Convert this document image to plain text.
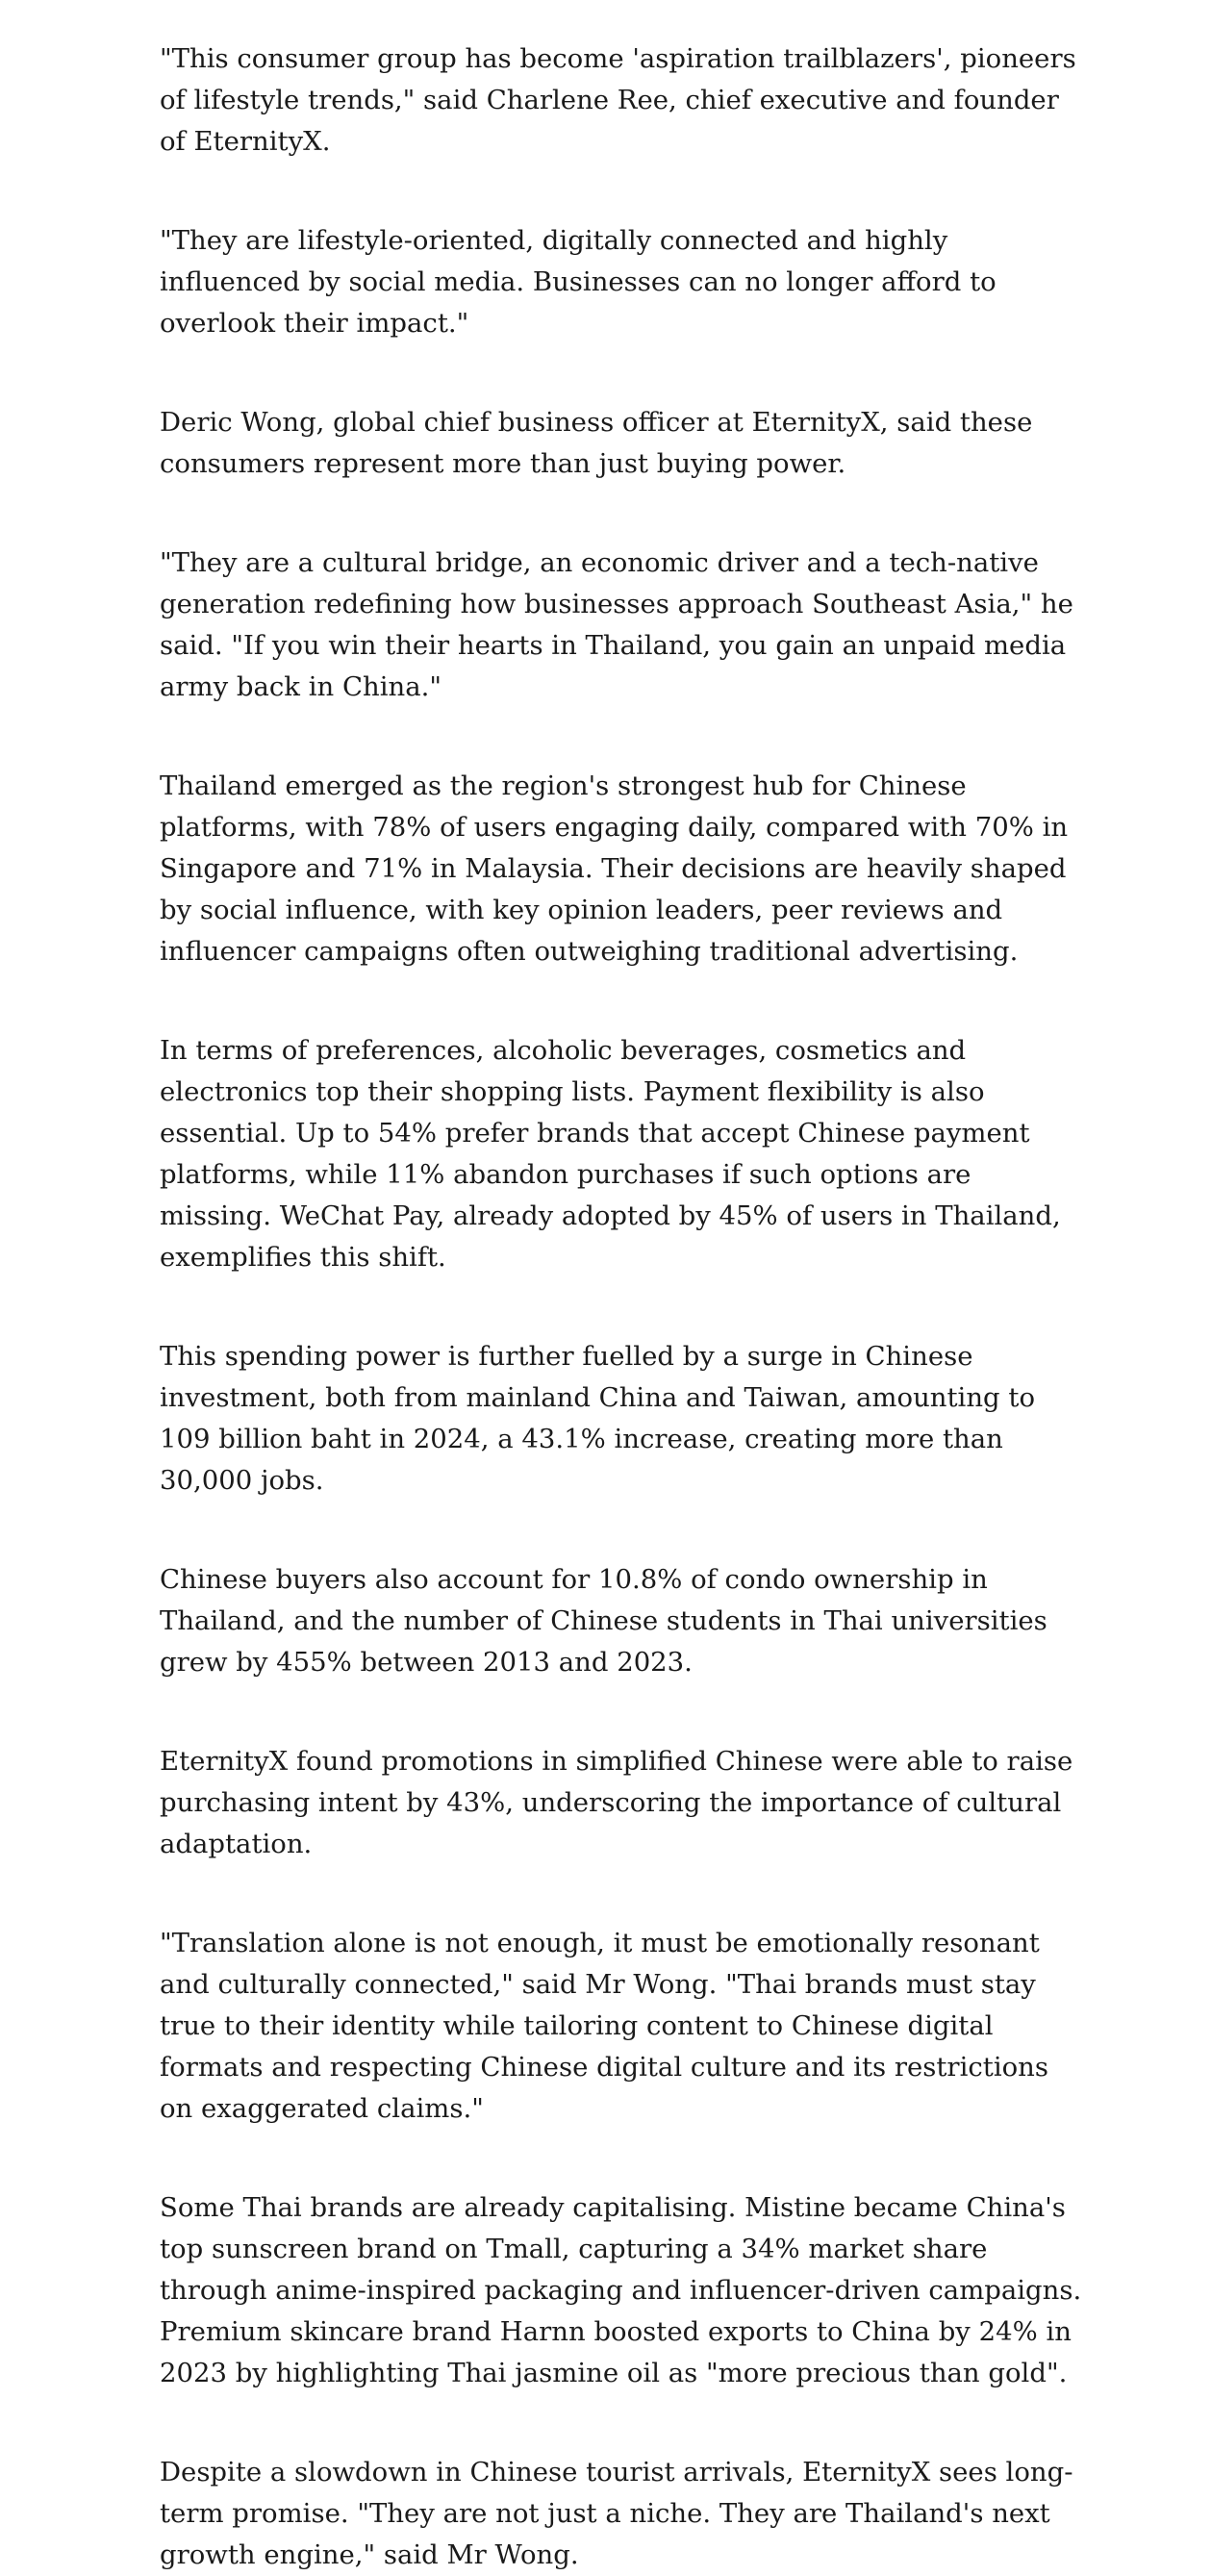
"This consumer group has become 'aspiration trailblazers', pioneers of lifestyle trends," said Charlene Ree, chief executive and founder of EternityX.

"They are lifestyle-oriented, digitally connected and highly influenced by social media. Businesses can no longer afford to overlook their impact."

Deric Wong, global chief business officer at EternityX, said these consumers represent more than just buying power.

"They are a cultural bridge, an economic driver and a tech-native generation redefining how businesses approach Southeast Asia," he said. "If you win their hearts in Thailand, you gain an unpaid media army back in China."

Thailand emerged as the region's strongest hub for Chinese platforms, with 78% of users engaging daily, compared with 70% in Singapore and 71% in Malaysia. Their decisions are heavily shaped by social influence, with key opinion leaders, peer reviews and influencer campaigns often outweighing traditional advertising.

In terms of preferences, alcoholic beverages, cosmetics and electronics top their shopping lists. Payment flexibility is also essential. Up to 54% prefer brands that accept Chinese payment platforms, while 11% abandon purchases if such options are missing. WeChat Pay, already adopted by 45% of users in Thailand, exemplifies this shift.

This spending power is further fuelled by a surge in Chinese investment, both from mainland China and Taiwan, amounting to 109 billion baht in 2024, a 43.1% increase, creating more than 30,000 jobs.

Chinese buyers also account for 10.8% of condo ownership in Thailand, and the number of Chinese students in Thai universities grew by 455% between 2013 and 2023.

EternityX found promotions in simplified Chinese were able to raise purchasing intent by 43%, underscoring the importance of cultural adaptation.

"Translation alone is not enough, it must be emotionally resonant and culturally connected," said Mr Wong. "Thai brands must stay true to their identity while tailoring content to Chinese digital formats and respecting Chinese digital culture and its restrictions on exaggerated claims."

Some Thai brands are already capitalising. Mistine became China's top sunscreen brand on Tmall, capturing a 34% market share through anime-inspired packaging and influencer-driven campaigns. Premium skincare brand Harnn boosted exports to China by 24% in 2023 by highlighting Thai jasmine oil as "more precious than gold".

Despite a slowdown in Chinese tourist arrivals, EternityX sees long-term promise. "They are not just a niche. They are Thailand's next growth engine," said Mr Wong.
